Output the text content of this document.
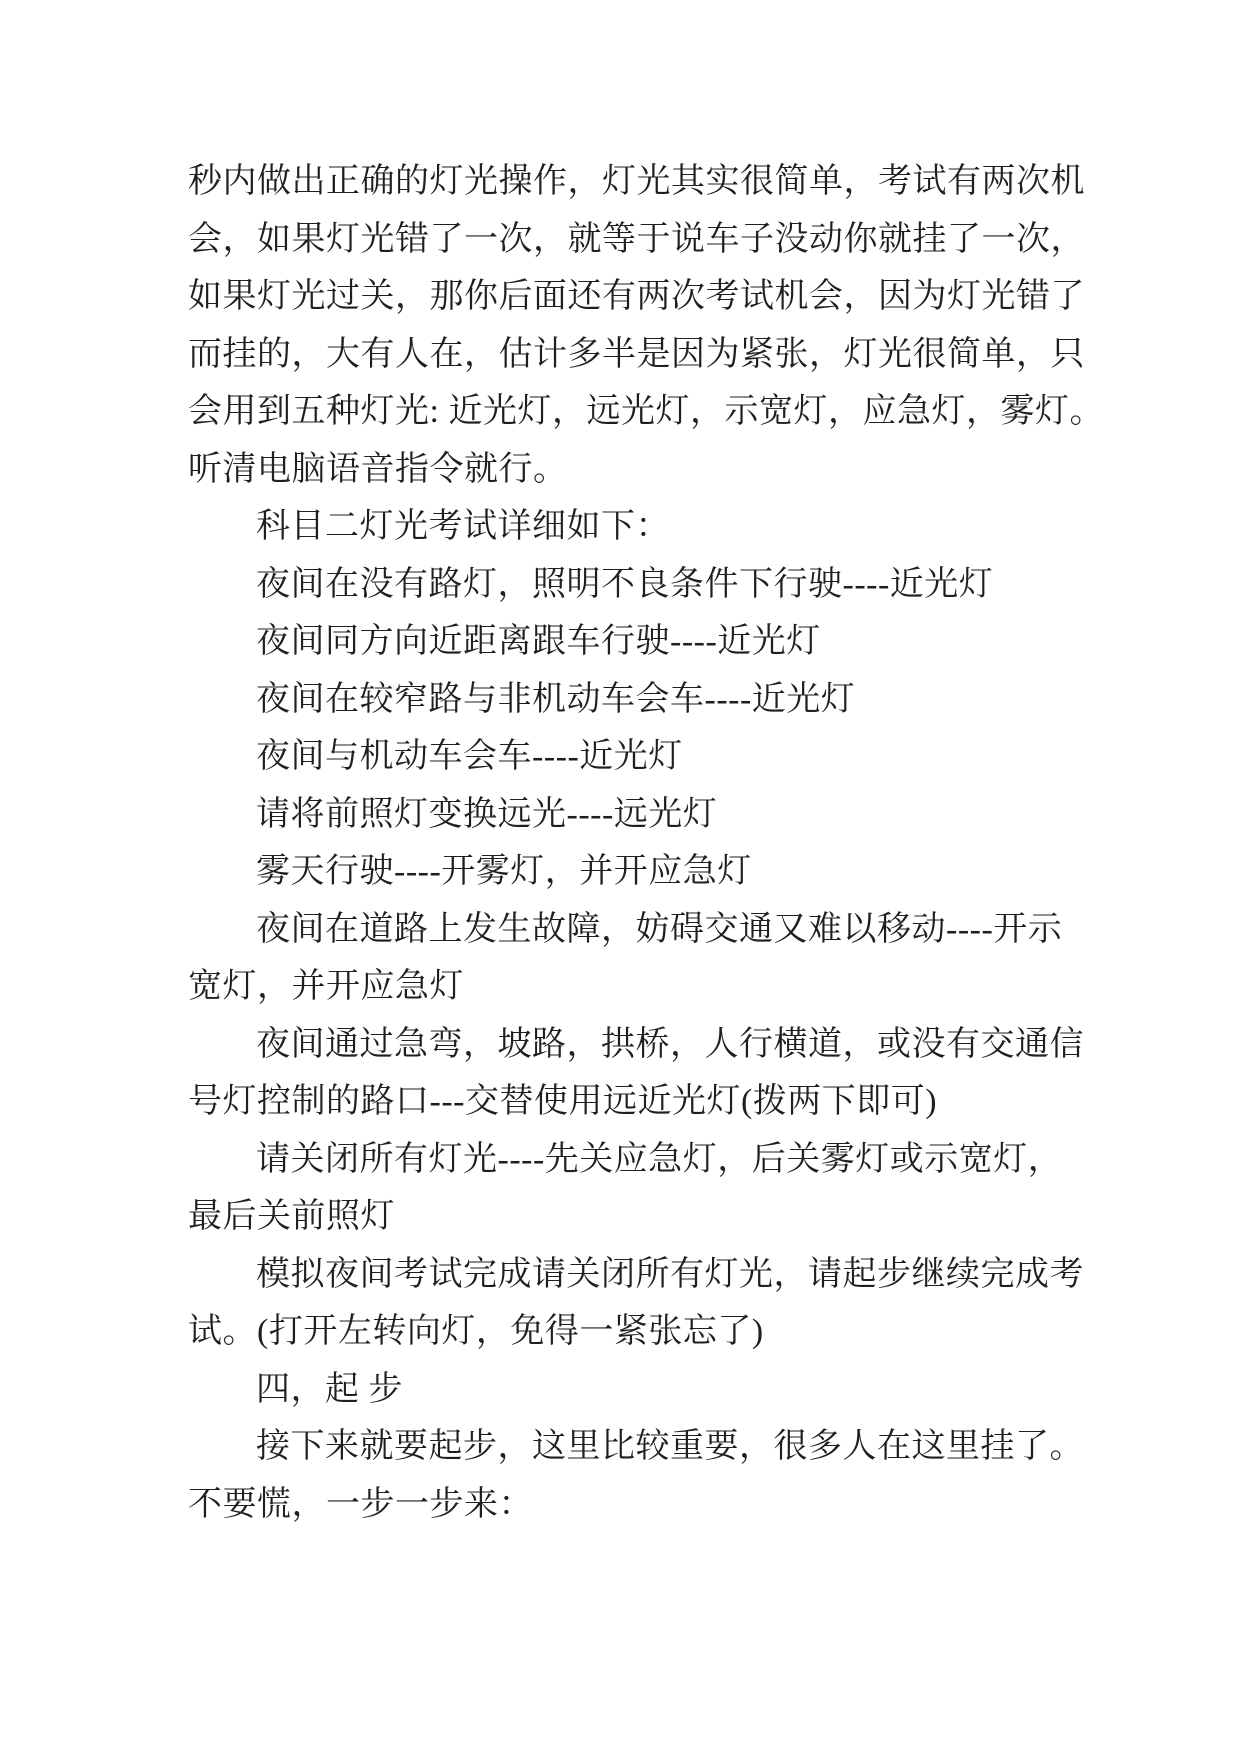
秒内做出正确的灯光操作，灯光其实很简单，考试有两次机
会，如果灯光错了一次，就等于说车子没动你就挂了一次，
如果灯光过关，那你后面还有两次考试机会，因为灯光错了
而挂的，大有人在，估计多半是因为紧张，灯光很简单，只
会用到五种灯光: 近光灯，远光灯，示宽灯，应急灯，雾灯。
听清电脑语音指令就行。
科目二灯光考试详细如下：
夜间在没有路灯，照明不良条件下行驶----近光灯
夜间同方向近距离跟车行驶----近光灯
夜间在较窄路与非机动车会车----近光灯
夜间与机动车会车----近光灯
请将前照灯变换远光----远光灯
雾天行驶----开雾灯，并开应急灯
夜间在道路上发生故障，妨碍交通又难以移动----开示
宽灯，并开应急灯
夜间通过急弯，坡路，拱桥，人行横道，或没有交通信
号灯控制的路口---交替使用远近光灯(拨两下即可)
请关闭所有灯光----先关应急灯，后关雾灯或示宽灯，
最后关前照灯
模拟夜间考试完成请关闭所有灯光，请起步继续完成考
试。(打开左转向灯，免得一紧张忘了)
四，起 步
接下来就要起步，这里比较重要，很多人在这里挂了。
不要慌，一步一步来：
